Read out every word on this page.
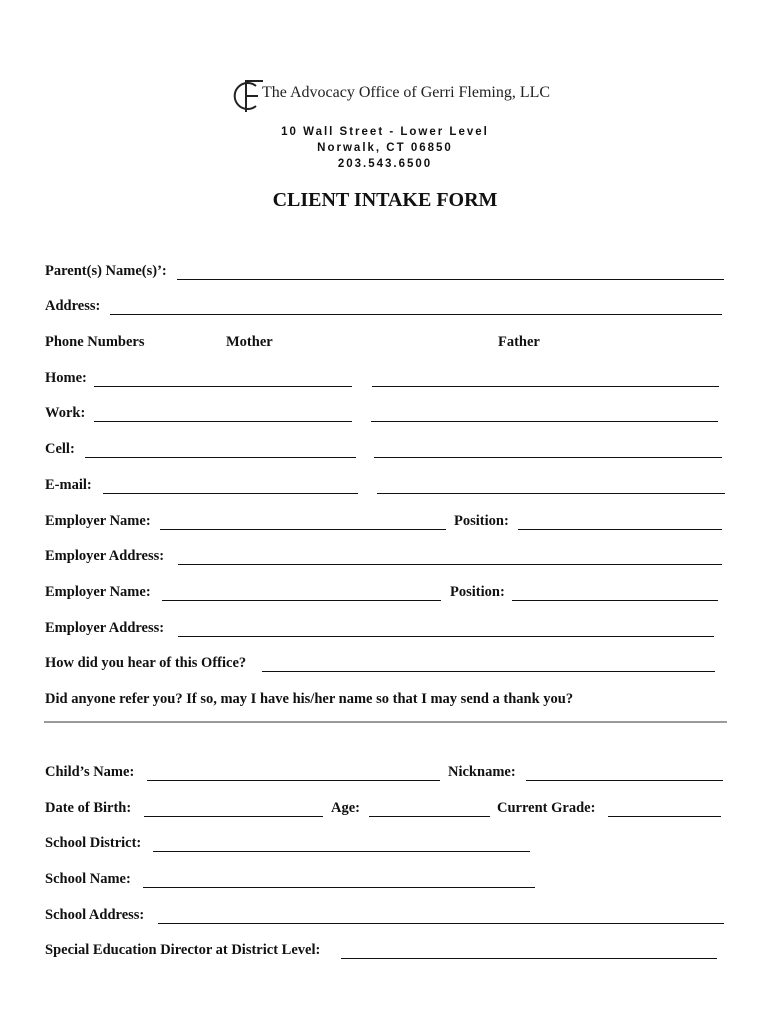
The Advocacy Office of Gerri Fleming, LLC
10 Wall Street - Lower Level
Norwalk, CT 06850
203.543.6500
CLIENT INTAKE FORM
Parent(s) Name(s)’:
Address:
Phone Numbers	Mother	Father
Home:
Work:
Cell:
E-mail:
Employer Name:	Position:
Employer Address:
Employer Name:	Position:
Employer Address:
How did you hear of this Office?
Did anyone refer you? If so, may I have his/her name so that I may send a thank you?
Child’s Name:	Nickname:
Date of Birth:	Age:	Current Grade:
School District:
School Name:
School Address:
Special Education Director at District Level:
